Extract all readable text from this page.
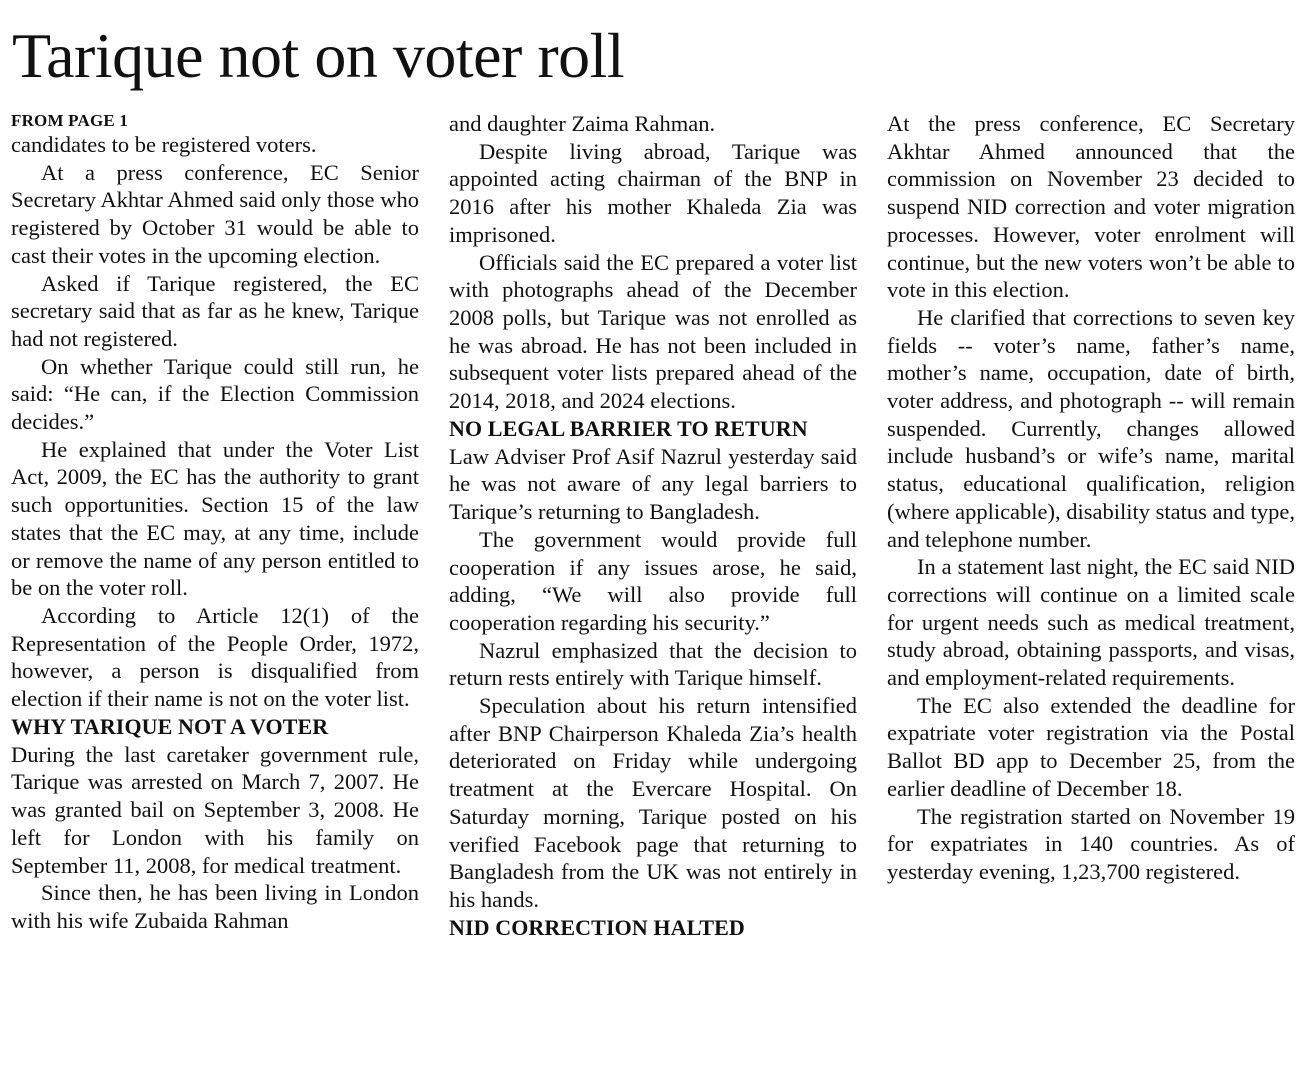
Tarique not on voter roll
FROM PAGE 1

candidates to be registered voters.

At a press conference, EC Senior Secretary Akhtar Ahmed said only those who registered by October 31 would be able to cast their votes in the upcoming election.

Asked if Tarique registered, the EC secretary said that as far as he knew, Tarique had not registered.

On whether Tarique could still run, he said: “He can, if the Election Commission decides.”

He explained that under the Voter List Act, 2009, the EC has the authority to grant such opportunities. Section 15 of the law states that the EC may, at any time, include or remove the name of any person entitled to be on the voter roll.

According to Article 12(1) of the Representation of the People Order, 1972, however, a person is disqualified from election if their name is not on the voter list.

WHY TARIQUE NOT A VOTER

During the last caretaker government rule, Tarique was arrested on March 7, 2007. He was granted bail on September 3, 2008. He left for London with his family on September 11, 2008, for medical treatment.

Since then, he has been living in London with his wife Zubaida Rahman

and daughter Zaima Rahman.

Despite living abroad, Tarique was appointed acting chairman of the BNP in 2016 after his mother Khaleda Zia was imprisoned.

Officials said the EC prepared a voter list with photographs ahead of the December 2008 polls, but Tarique was not enrolled as he was abroad. He has not been included in subsequent voter lists prepared ahead of the 2014, 2018, and 2024 elections.

NO LEGAL BARRIER TO RETURN

Law Adviser Prof Asif Nazrul yesterday said he was not aware of any legal barriers to Tarique’s returning to Bangladesh.

The government would provide full cooperation if any issues arose, he said, adding, “We will also provide full cooperation regarding his security.”

Nazrul emphasized that the decision to return rests entirely with Tarique himself.

Speculation about his return intensified after BNP Chairperson Khaleda Zia’s health deteriorated on Friday while undergoing treatment at the Evercare Hospital. On Saturday morning, Tarique posted on his verified Facebook page that returning to Bangladesh from the UK was not entirely in his hands.

NID CORRECTION HALTED

At the press conference, EC Secretary Akhtar Ahmed announced that the commission on November 23 decided to suspend NID correction and voter migration processes. However, voter enrolment will continue, but the new voters won’t be able to vote in this election.

He clarified that corrections to seven key fields -- voter’s name, father’s name, mother’s name, occupation, date of birth, voter address, and photograph -- will remain suspended. Currently, changes allowed include husband’s or wife’s name, marital status, educational qualification, religion (where applicable), disability status and type, and telephone number.

In a statement last night, the EC said NID corrections will continue on a limited scale for urgent needs such as medical treatment, study abroad, obtaining passports, and visas, and employment-related requirements.

The EC also extended the deadline for expatriate voter registration via the Postal Ballot BD app to December 25, from the earlier deadline of December 18.

The registration started on November 19 for expatriates in 140 countries. As of yesterday evening, 1,23,700 registered.
